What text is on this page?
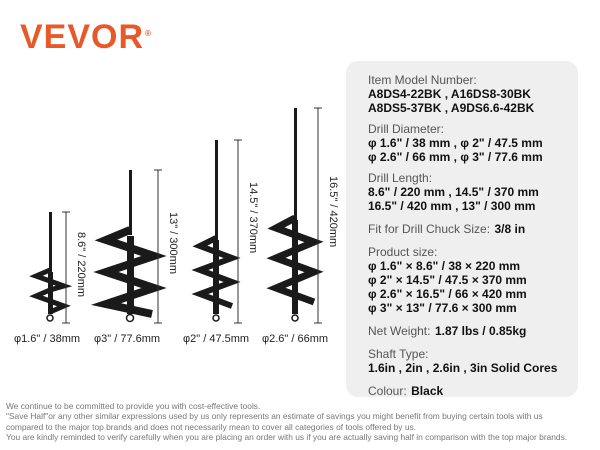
VEVOR®
8.6" / 220mm	13" / 300mm	14.5" / 370mm	16.5" / 420mm
φ1.6" / 38mm φ3" / 77.6mm φ2" / 47.5mm φ2.6" / 66mm
Item Model Number:
A8DS4-22BK , A16DS8-30BK
A8DS5-37BK , A9DS6.6-42BK
Drill Diameter:
φ 1.6" / 38 mm , φ 2" / 47.5 mm
φ 2.6" / 66 mm , φ 3" / 77.6 mm
Drill Length:
8.6" / 220 mm , 14.5" / 370 mm
16.5" / 420 mm , 13" / 300 mm
Fit for Drill Chuck Size: 3/8 in
Product size:
φ 1.6" × 8.6" / 38 × 220 mm
φ 2" × 14.5" / 47.5 × 370 mm
φ 2.6" × 16.5" / 66 × 420 mm
φ 3" × 13" / 77.6 × 300 mm
Net Weight: 1.87 lbs / 0.85kg
Shaft Type:
1.6in , 2in , 2.6in , 3in Solid Cores
Colour: Black
We continue to be committed to provide you with cost-effective tools.
"Save Half"or any other similar expressions used by us only represents an estimate of savings you might benefit from buying certain tools with us
compared to the major top brands and does not necessarily mean to cover all categories of tools offered by us.
You are kindly reminded to verify carefully when you are placing an order with us if you are actually saving half in comparison with the top major brands.
